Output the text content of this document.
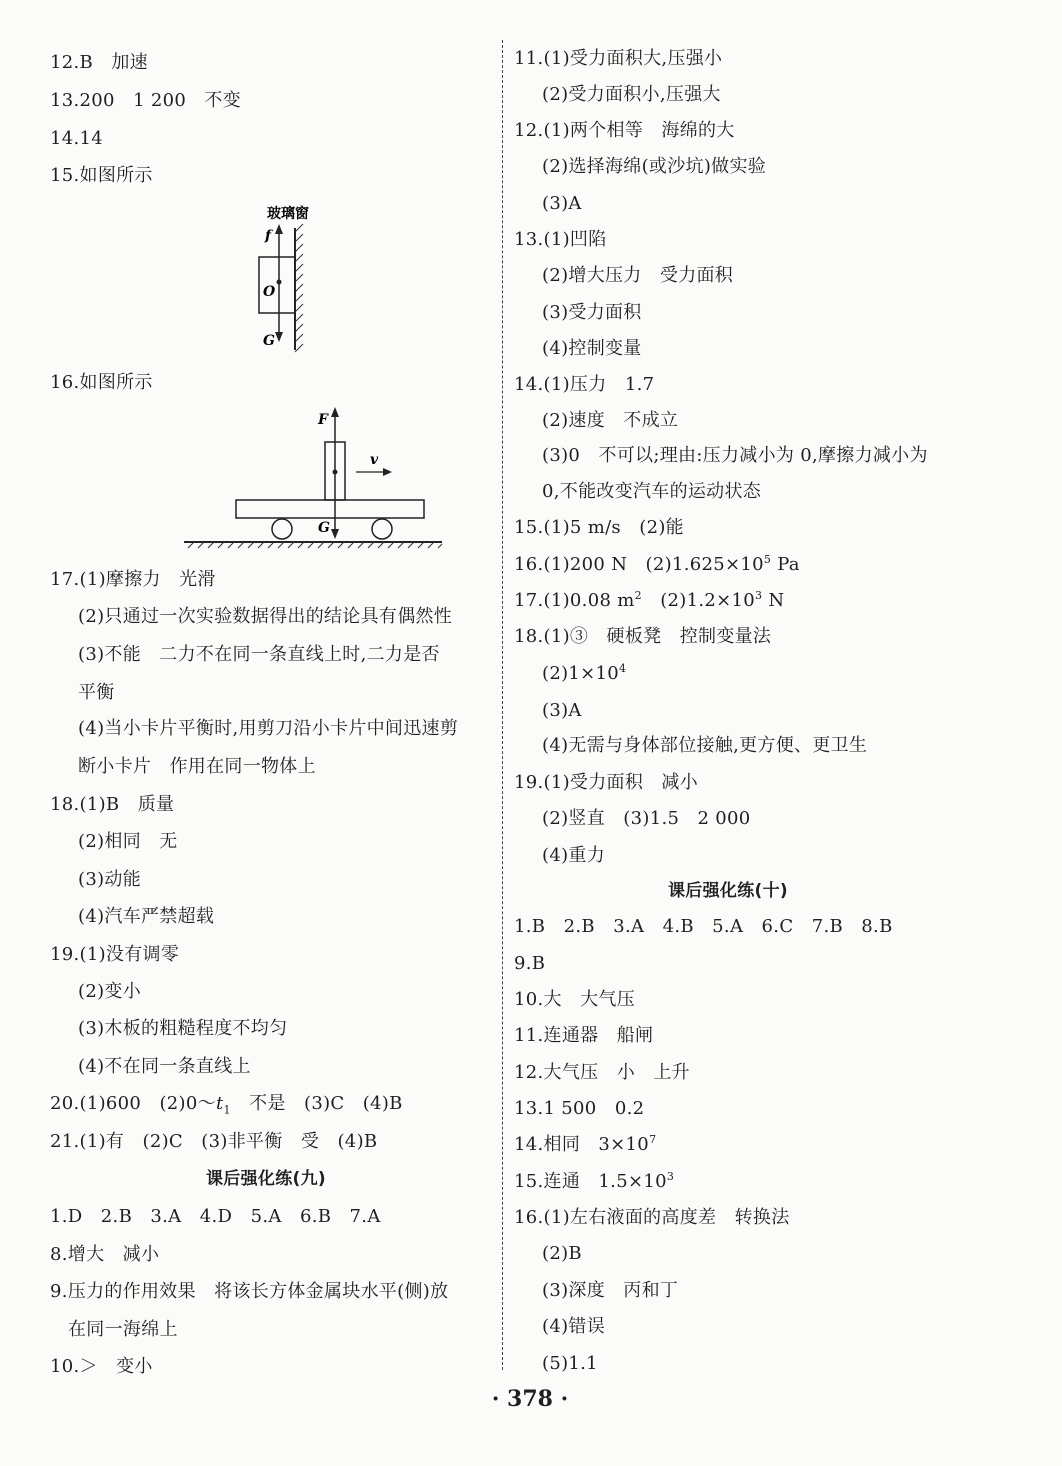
12.B　加速
13.200　1 200　不变
14.14
15.如图所示
玻璃窗
f
O
G
16.如图所示
F
v
G
17.(1)摩擦力　光滑
(2)只通过一次实验数据得出的结论具有偶然性
(3)不能　二力不在同一条直线上时,二力是否
平衡
(4)当小卡片平衡时,用剪刀沿小卡片中间迅速剪
断小卡片　作用在同一物体上
18.(1)B　质量
(2)相同　无
(3)动能
(4)汽车严禁超载
19.(1)没有调零
(2)变小
(3)木板的粗糙程度不均匀
(4)不在同一条直线上
20.(1)600　$(2)0\sim t_1$　不是　(3)C　(4)B
21.(1)有　(2)C　(3)非平衡　受　(4)B
课后强化练(九)
1.D　2.B　3.A　4.D　5.A　6.B　7.A
8.增大　减小
9.压力的作用效果　将该长方体金属块水平(侧)放
在同一海绵上
10.＞　变小
11.(1)受力面积大,压强小
(2)受力面积小,压强大
12.(1)两个相等　海绵的大
(2)选择海绵(或沙坑)做实验
(3)A
13.(1)凹陷
(2)增大压力　受力面积
(3)受力面积
(4)控制变量
14.(1)压力　1.7
(2)速度　不成立
(3)0　不可以;理由:压力减小为 0,摩擦力减小为
0,不能改变汽车的运动状态
15.(1)5 m/s　(2)能
16.(1)200 N　$(2)1.625\times 10^5$ Pa
17.(1)0.08 $m^2$　$(2)1.2\times 10^3$ N
18.(1)③　硬板凳　控制变量法
$(2)1\times 10^4$
(3)A
(4)无需与身体部位接触,更方便、更卫生
19.(1)受力面积　减小
(2)竖直　(3)1.5　2 000
(4)重力
课后强化练(十)
1.B　2.B　3.A　4.B　5.A　6.C　7.B　8.B
9.B
10.大　大气压
11.连通器　船闸
12.大气压　小　上升
13.1 500　0.2
14.相同　$3\times 10^7$
15.连通　$1.5\times 10^3$
16.(1)左右液面的高度差　转换法
(2)B
(3)深度　丙和丁
(4)错误
(5)1.1
· 378 ·
